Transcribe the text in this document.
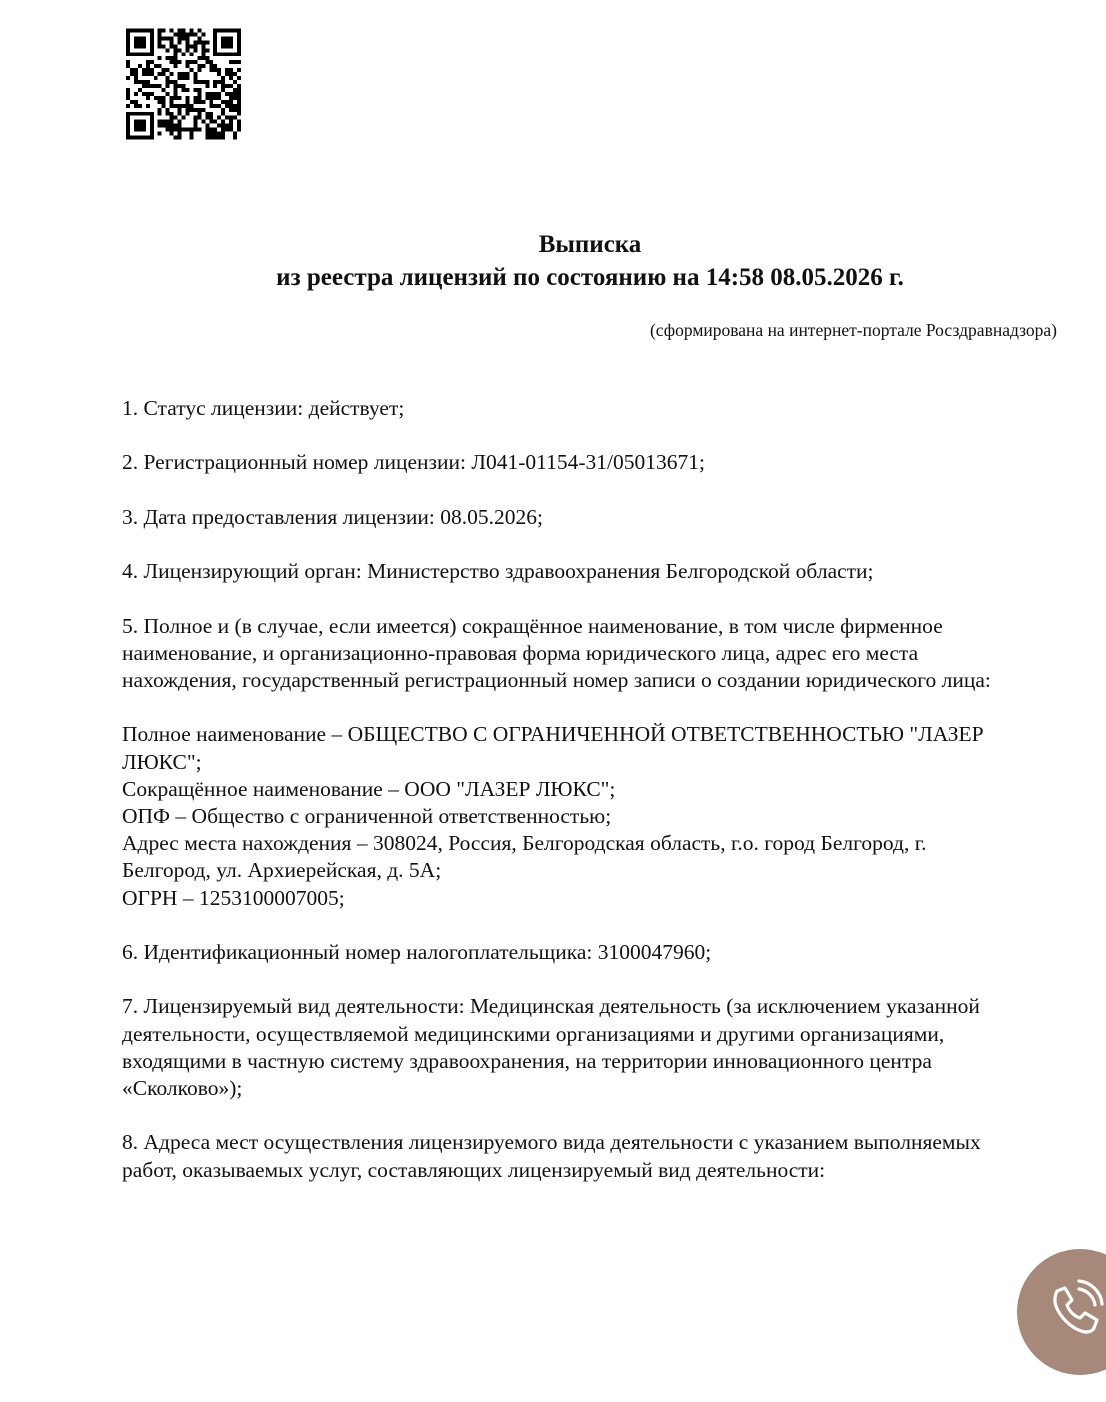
Выписка
из реестра лицензий по состоянию на 14:58 08.05.2026 г.
(сформирована на интернет-портале Росздравнадзора)

1. Статус лицензии: действует;

2. Регистрационный номер лицензии: Л041-01154-31/05013671;

3. Дата предоставления лицензии: 08.05.2026;

4. Лицензирующий орган: Министерство здравоохранения Белгородской области;

5. Полное и (в случае, если имеется) сокращённое наименование, в том числе фирменное
наименование, и организационно-правовая форма юридического лица, адрес его места
нахождения, государственный регистрационный номер записи о создании юридического лица:

Полное наименование – ОБЩЕСТВО С ОГРАНИЧЕННОЙ ОТВЕТСТВЕННОСТЬЮ "ЛАЗЕР
ЛЮКС";

Сокращённое наименование – ООО "ЛАЗЕР ЛЮКС";

ОПФ – Общество с ограниченной ответственностью;

Адрес места нахождения – 308024, Россия, Белгородская область, г.о. город Белгород, г.
Белгород, ул. Архиерейская, д. 5А;

ОГРН – 1253100007005;

6. Идентификационный номер налогоплательщика: 3100047960;

7. Лицензируемый вид деятельности: Медицинская деятельность (за исключением указанной
деятельности, осуществляемой медицинскими организациями и другими организациями,
входящими в частную систему здравоохранения, на территории инновационного центра
«Сколково»);

8. Адреса мест осуществления лицензируемого вида деятельности с указанием выполняемых
работ, оказываемых услуг, составляющих лицензируемый вид деятельности:
